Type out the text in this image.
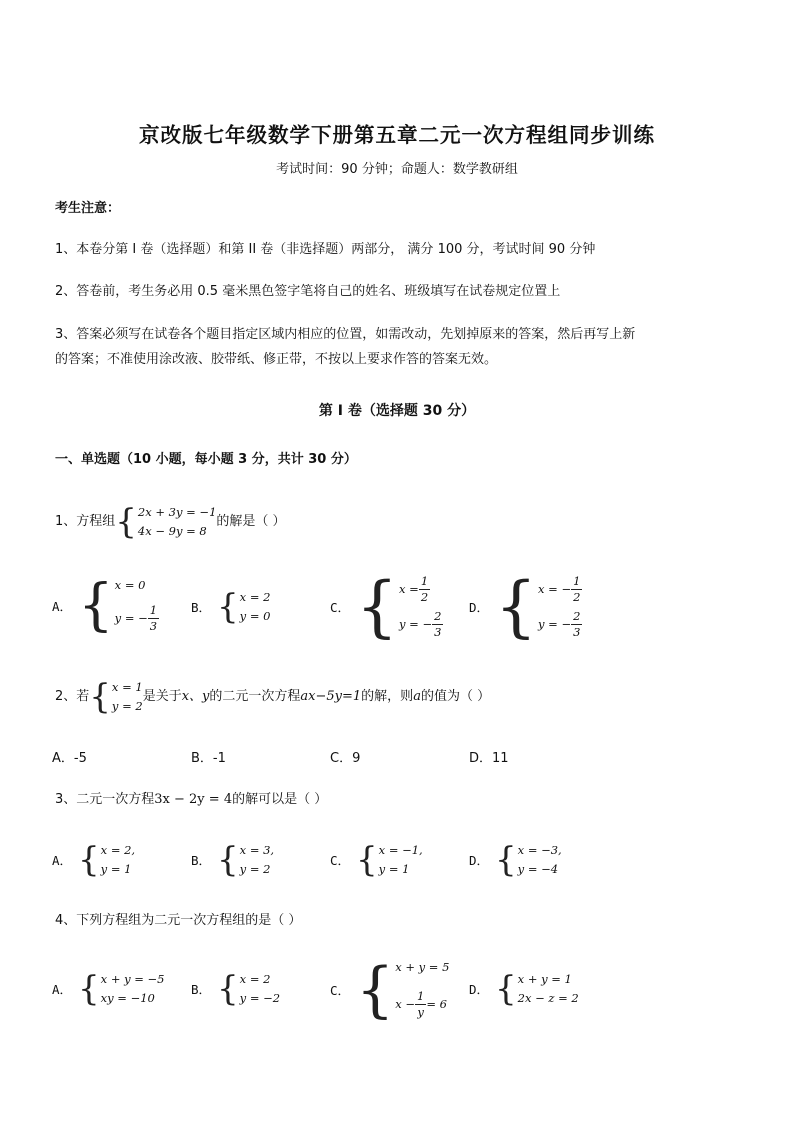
京改版七年级数学下册第五章二元一次方程组同步训练
考试时间：90 分钟；命题人：数学教研组
考生注意：
1、本卷分第 I 卷（选择题）和第 II 卷（非选择题）两部分， 满分 100 分，考试时间 90 分钟
2、答卷前，考生务必用 0.5 毫米黑色签字笔将自己的姓名、班级填写在试卷规定位置上
3、答案必须写在试卷各个题目指定区域内相应的位置，如需改动，先划掉原来的答案，然后再写上新
的答案；不准使用涂改液、胶带纸、修正带，不按以上要求作答的答案无效。
第 I 卷（选择题 30 分）
一、单选题（10 小题，每小题 3 分，共计 30 分）
1、方程组 { 2x + 3y = −1
4x − 9y = 8
的解是（ ）
A． { x = 0
y = − $\frac{1}{3}$	B． { x = 2
y = 0
C． { $x = \frac{1}{2}$
y = − $\frac{2}{3}$
D． { x = − $\frac{1}{2}$
y = − $\frac{2}{3}$
2、若 { x = 1
y = 2
是关于 x、y 的二元一次方程 ax−5y=1 的解，则 a 的值为（ ）
A．-5	B．-1	C．9	D．11
3、二元一次方程 3x − 2y = 4 的解可以是（ ）
A． { x = 2,
y = 1
B． { x = 3,
y = 2
C． { x = −1,
y = 1
D． { x = −3,
y = −4
4、下列方程组为二元一次方程组的是（ ）
A． { x + y = −5
xy = −10
B． { x = 2
y = −2	C． { x + y = 5
$x - \frac{1}{y} = 6$
D． { x + y = 1
2x − z = 2
